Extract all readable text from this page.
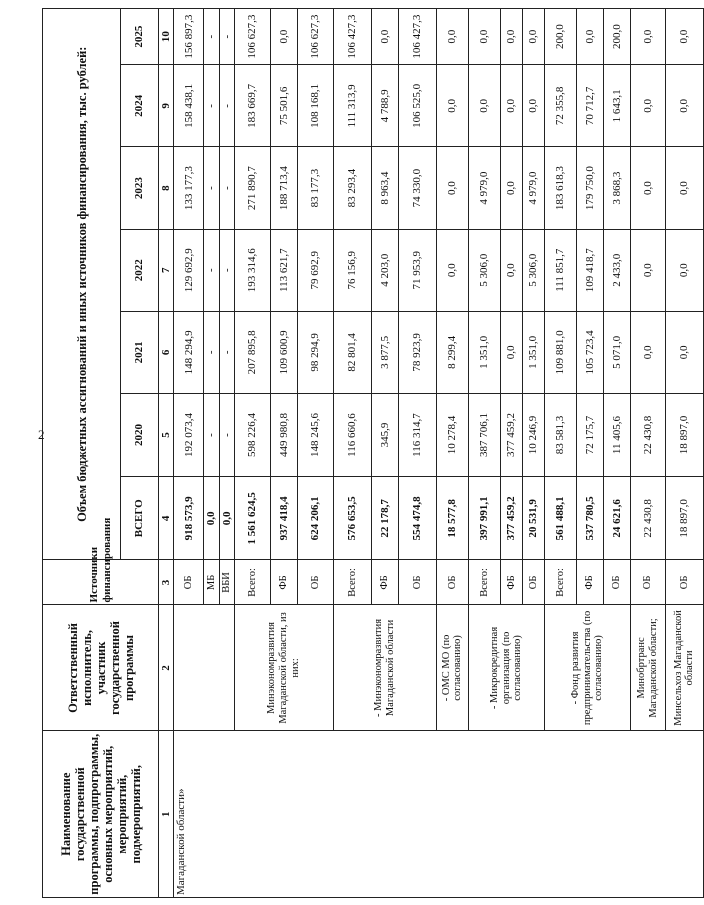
2
Наименование государственной программы, подпрограммы, основных мероприятий, мероприятий, подмероприятий,	Ответственный исполнитель, участник государственной программы	Источники финансирования	Объем бюджетных ассигнований и иных источников финансирования, тыс. рублей:						
			ВСЕГО	2020	2021	2022	2023	2024	2025
1	2	3	4	5	6	7	8	9	10
Магаданской области»		ОБ	918 573,9	192 073,4	148 294,9	129 692,9	133 177,3	158 438,1	156 897,3
		МБ	0,0	-	-	-	-	-	-
		ВБИ	0,0	-	-	-	-	-	-
	Минэкономразвития Магаданской области, из них:	Всего:	1 561 624,5	598 226,4	207 895,8	193 314,6	271 890,7	183 669,7	106 627,3
		ФБ	937 418,4	449 980,8	109 600,9	113 621,7	188 713,4	75 501,6	0,0
		ОБ	624 206,1	148 245,6	98 294,9	79 692,9	83 177,3	108 168,1	106 627,3
	- Минэкономразвития Магаданской области	Всего:	576 653,5	116 660,6	82 801,4	76 156,9	83 293,4	111 313,9	106 427,3
		ФБ	22 178,7	345,9	3 877,5	4 203,0	8 963,4	4 788,9	0,0
		ОБ	554 474,8	116 314,7	78 923,9	71 953,9	74 330,0	106 525,0	106 427,3
	- ОМС МО (по согласованию)	ОБ	18 577,8	10 278,4	8 299,4	0,0	0,0	0,0	0,0
	- Микрокредитная организация (по согласованию)	Всего:	397 991,1	387 706,1	1 351,0	5 306,0	4 979,0	0,0	0,0
		ФБ	377 459,2	377 459,2	0,0	0,0	0,0	0,0	0,0
		ОБ	20 531,9	10 246,9	1 351,0	5 306,0	4 979,0	0,0	0,0
	- Фонд развития предпринимательства (по согласованию)	Всего:	561 488,1	83 581,3	109 881,0	111 851,7	183 618,3	72 355,8	200,0
		ФБ	537 780,5	72 175,7	105 723,4	109 418,7	179 750,0	70 712,7	0,0
		ОБ	24 621,6	11 405,6	5 071,0	2 433,0	3 868,3	1 643,1	200,0
	Минобртранс Магаданской области;	ОБ	22 430,8	22 430,8	0,0	0,0	0,0	0,0	0,0
	Минсельхоз Магаданской области	ОБ	18 897,0	18 897,0	0,0	0,0	0,0	0,0	0,0
